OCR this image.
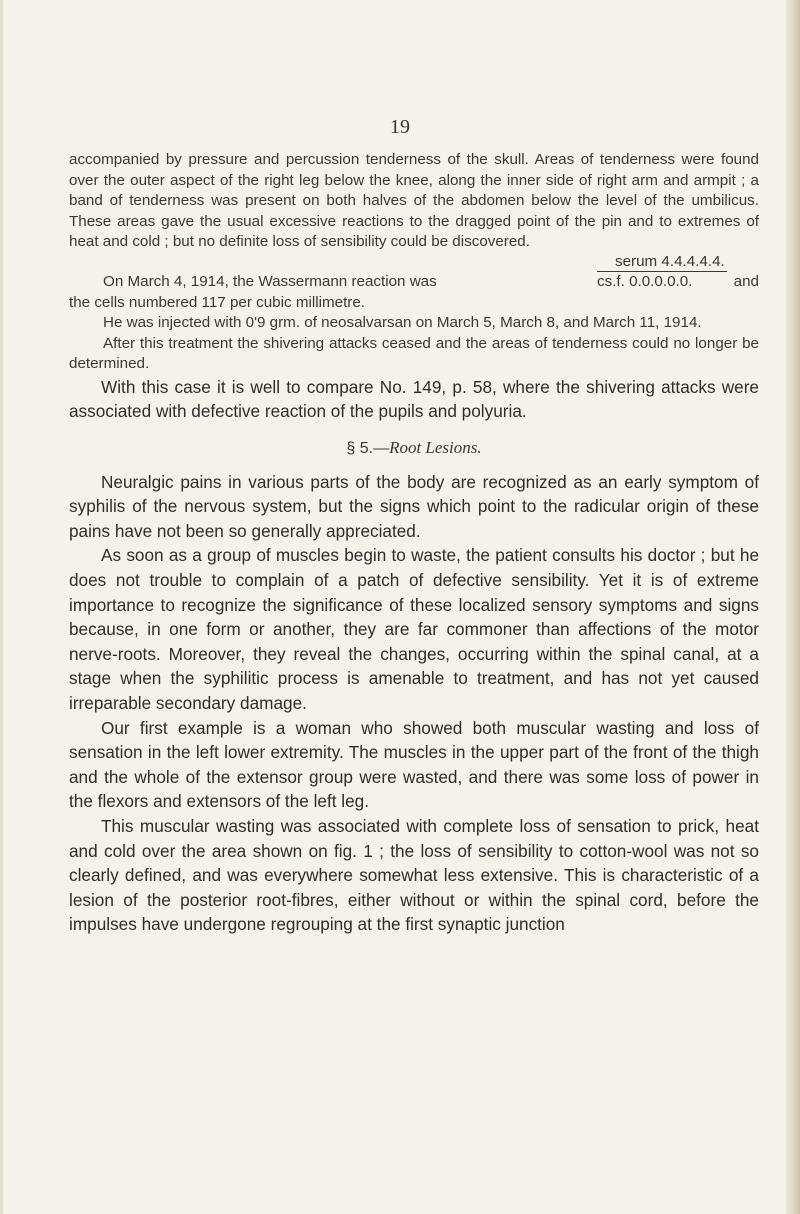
19

accompanied by pressure and percussion tenderness of the skull. Areas of tenderness were found over the outer aspect of the right leg below the knee, along the inner side of right arm and armpit ; a band of tenderness was present on both halves of the abdomen below the level of the umbilicus. These areas gave the usual excessive reactions to the dragged point of the pin and to extremes of heat and cold ; but no definite loss of sensibility could be discovered.

On March 4, 1914, the Wassermann reaction was
serum 4.4.4.4.4.
cs.f. 0.0.0.0.0.	and

the cells numbered 117 per cubic millimetre.

He was injected with 0'9 grm. of neosalvarsan on March 5, March 8, and March 11, 1914.

After this treatment the shivering attacks ceased and the areas of tenderness could no longer be determined.

With this case it is well to compare No. 149, p. 58, where the shivering attacks were associated with defective reaction of the pupils and polyuria.

§ 5.—Root Lesions.

Neuralgic pains in various parts of the body are recognized as an early symptom of syphilis of the nervous system, but the signs which point to the radicular origin of these pains have not been so generally appreciated.

As soon as a group of muscles begin to waste, the patient consults his doctor ; but he does not trouble to complain of a patch of defective sensibility. Yet it is of extreme importance to recognize the significance of these localized sensory symptoms and signs because, in one form or another, they are far commoner than affections of the motor nerve-roots. Moreover, they reveal the changes, occurring within the spinal canal, at a stage when the syphilitic process is amenable to treatment, and has not yet caused irreparable secondary damage.

Our first example is a woman who showed both muscular wasting and loss of sensation in the left lower extremity. The muscles in the upper part of the front of the thigh and the whole of the extensor group were wasted, and there was some loss of power in the flexors and extensors of the left leg.

This muscular wasting was associated with complete loss of sensation to prick, heat and cold over the area shown on fig. 1 ; the loss of sensibility to cotton-wool was not so clearly defined, and was everywhere somewhat less extensive. This is characteristic of a lesion of the posterior root-fibres, either without or within the spinal cord, before the impulses have undergone regrouping at the first synaptic junction
